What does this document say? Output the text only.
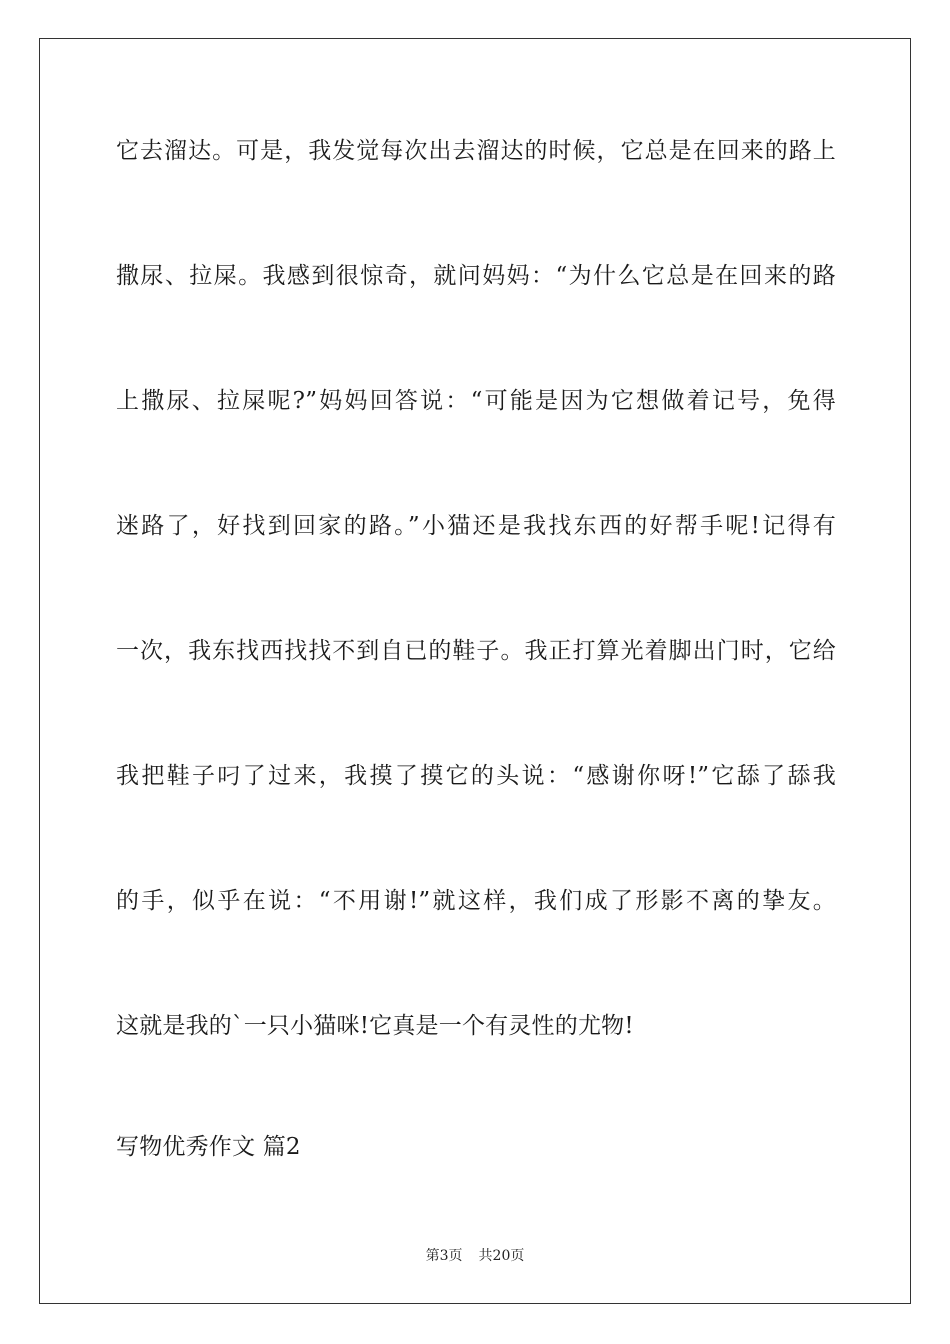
它去溜达。可是，我发觉每次出去溜达的时候，它总是在回来的路上
撒尿、拉屎。我感到很惊奇，就问妈妈：“为什么它总是在回来的路
上撒尿、拉屎呢?”妈妈回答说：“可能是因为它想做着记号，免得
迷路了，好找到回家的路。”小猫还是我找东西的好帮手呢!记得有
一次，我东找西找找不到自已的鞋子。我正打算光着脚出门时，它给
我把鞋子叼了过来，我摸了摸它的头说：“感谢你呀!”它舔了舔我
的手，似乎在说：“不用谢!”就这样，我们成了形影不离的挚友。
这就是我的`一只小猫咪!它真是一个有灵性的尤物!
写物优秀作文 篇2
第3页 共20页
